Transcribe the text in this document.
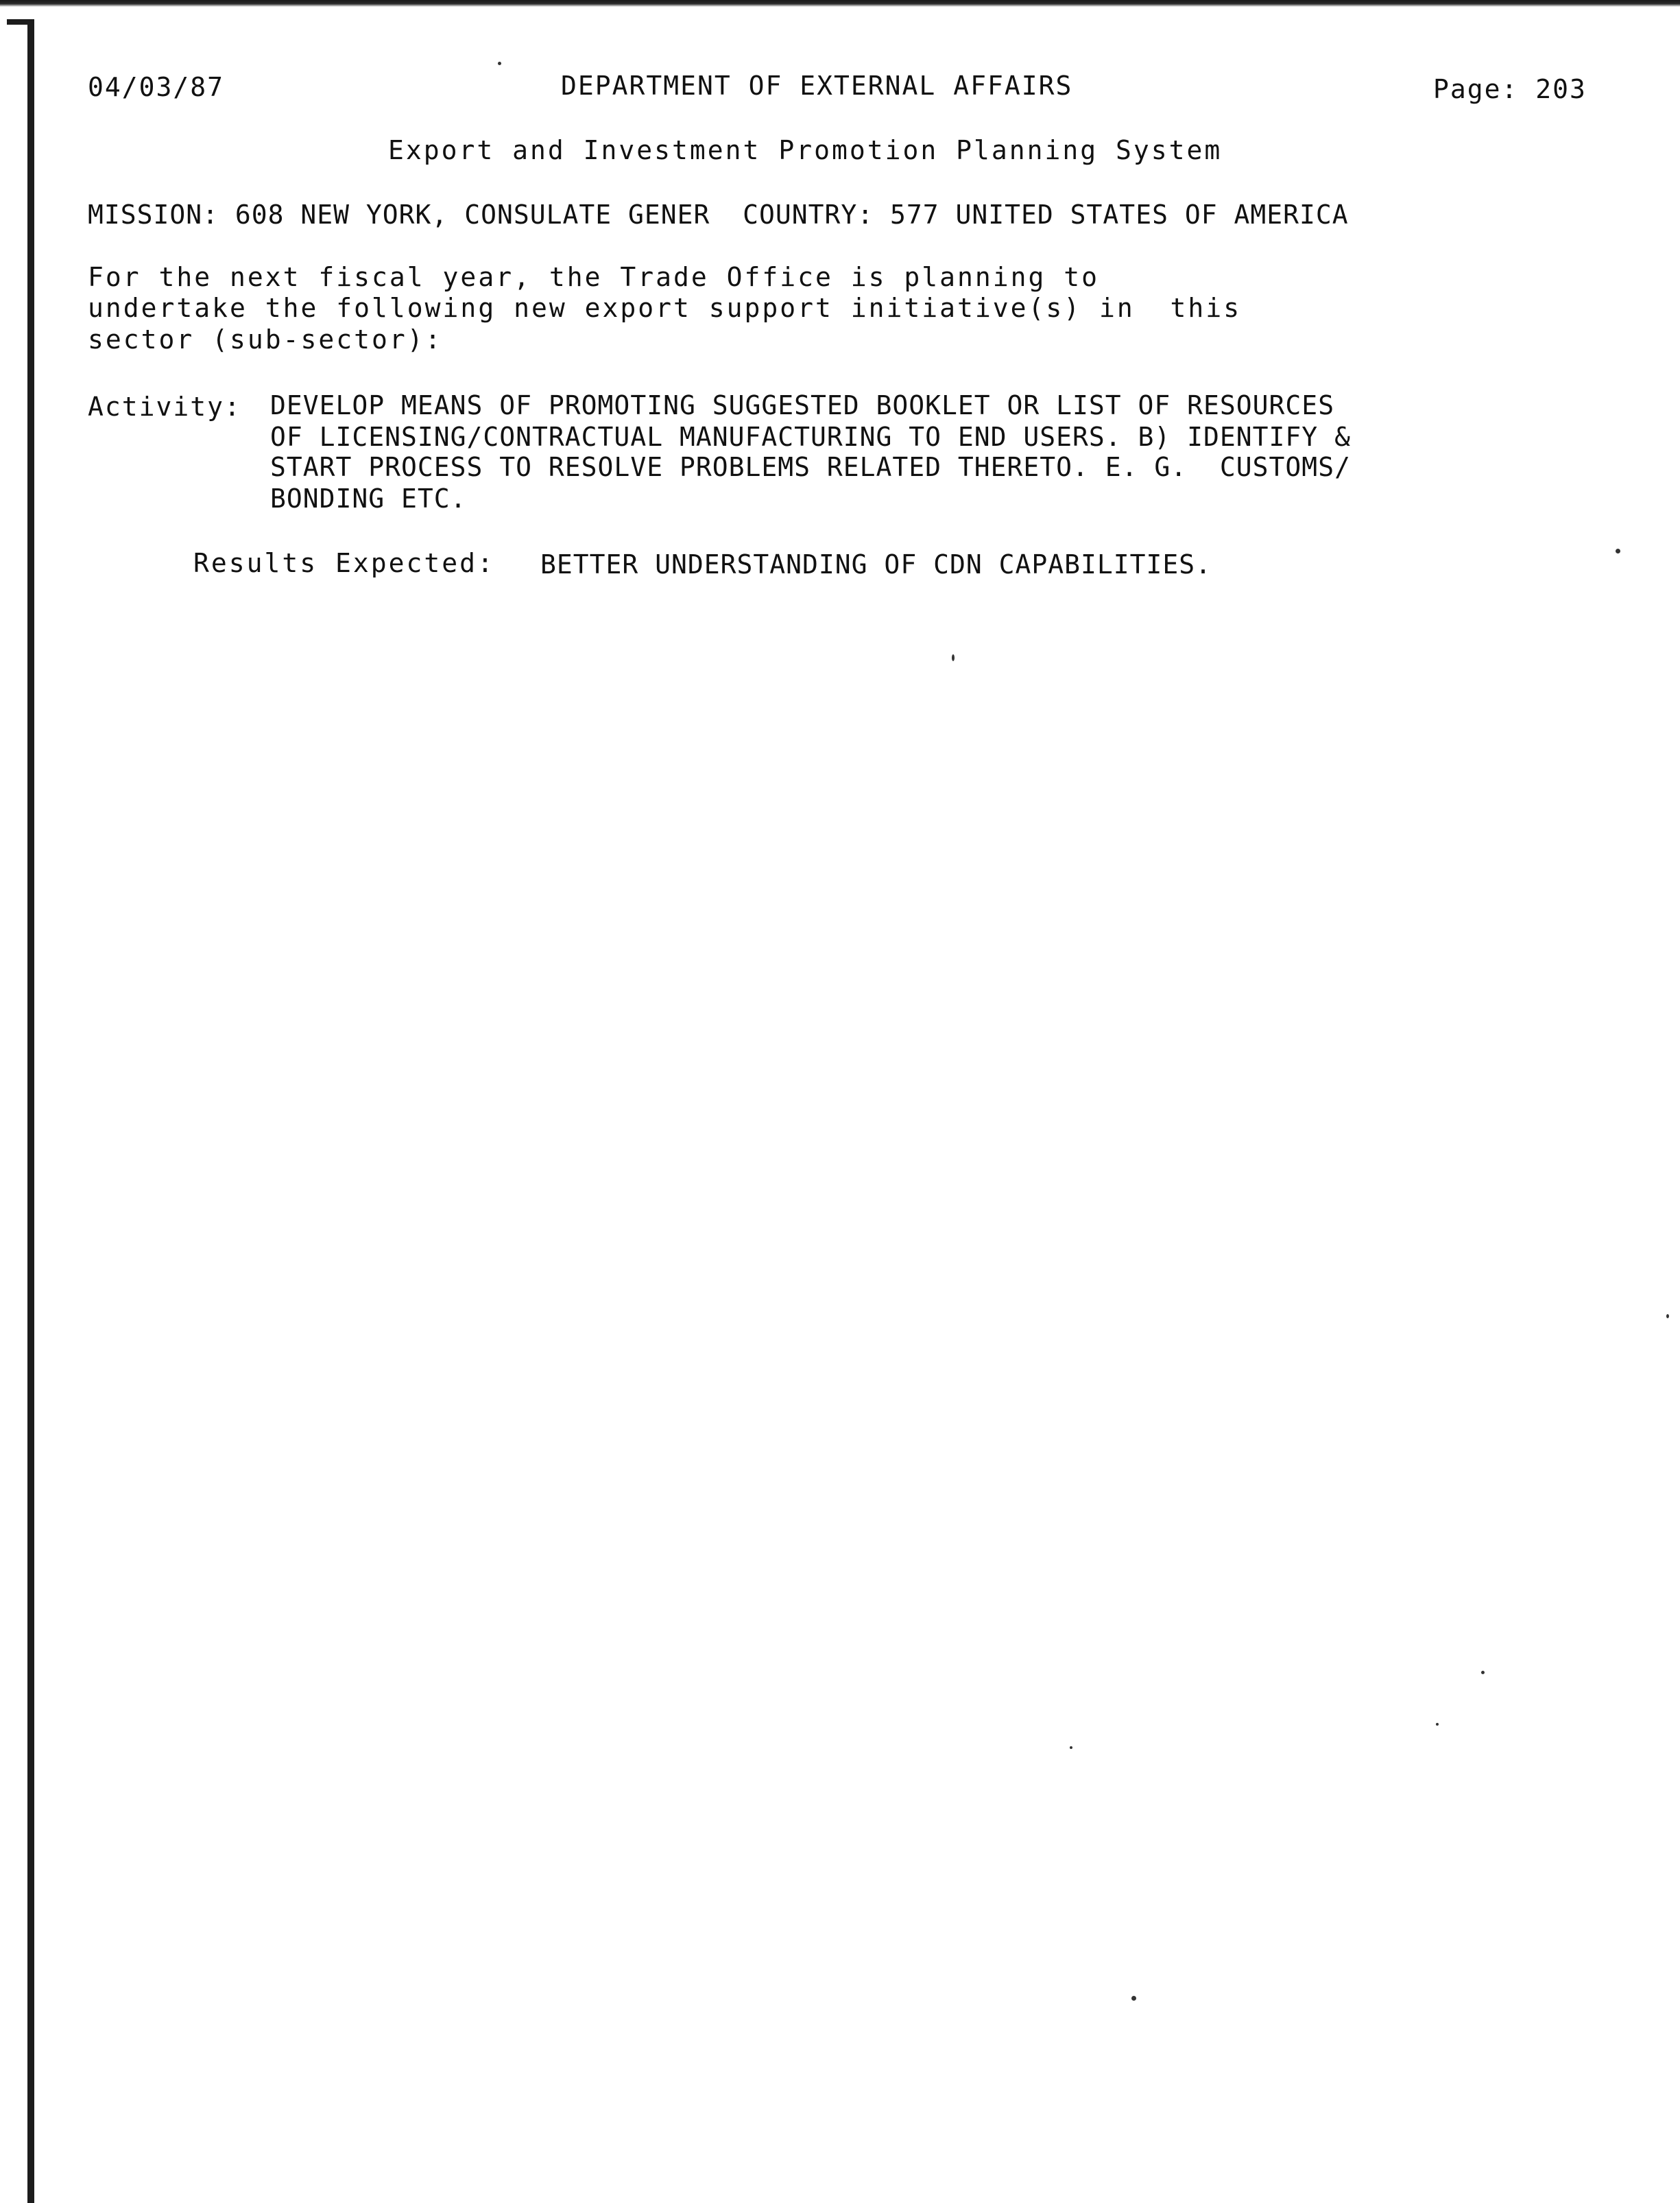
04/03/87	DEPARTMENT OF EXTERNAL AFFAIRS	Page: 203
Export and Investment Promotion Planning System
MISSION: 608 NEW YORK, CONSULATE GENER  COUNTRY: 577 UNITED STATES OF AMERICA
For the next fiscal year, the Trade Office is planning to
undertake the following new export support initiative(s) in  this
sector (sub-sector):
Activity: DEVELOP MEANS OF PROMOTING SUGGESTED BOOKLET OR LIST OF RESOURCES
OF LICENSING/CONTRACTUAL MANUFACTURING TO END USERS. B) IDENTIFY &
START PROCESS TO RESOLVE PROBLEMS RELATED THERETO. E. G.  CUSTOMS/
BONDING ETC.
Results Expected: BETTER UNDERSTANDING OF CDN CAPABILITIES.
